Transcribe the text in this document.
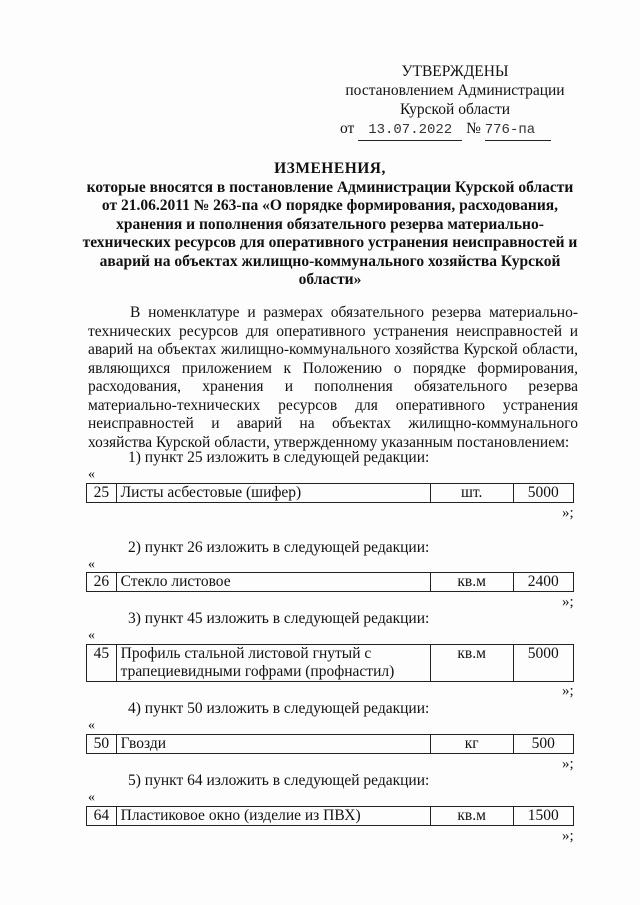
УТВЕРЖДЕНЫ
постановлением Администрации
Курской области
от 13.07.2022 № 776-па
ИЗМЕНЕНИЯ,
которые вносятся в постановление Администрации Курской области от 21.06.2011 № 263-па «О порядке формирования, расходования, хранения и пополнения обязательного резерва материально-технических ресурсов для оперативного устранения неисправностей и аварий на объектах жилищно-коммунального хозяйства Курской области»
В номенклатуре и размерах обязательного резерва материально-технических ресурсов для оперативного устранения неисправностей и аварий на объектах жилищно-коммунального хозяйства Курской области, являющихся приложением к Положению о порядке формирования, расходования, хранения и пополнения обязательного резерва материально-технических ресурсов для оперативного устранения неисправностей и аварий на объектах жилищно-коммунального хозяйства Курской области, утвержденному указанным постановлением:
1) пункт 25 изложить в следующей редакции:
«
25	Листы асбестовые (шифер)	шт.	5000
»;
2) пункт 26 изложить в следующей редакции:
«
26	Стекло листовое	кв.м	2400
»;
3) пункт 45 изложить в следующей редакции:
«
45	Профиль стальной листовой гнутый с трапециевидными гофрами (профнастил)	кв.м	5000
»;
4) пункт 50 изложить в следующей редакции:
«
50	Гвозди	кг	500
»;
5) пункт 64 изложить в следующей редакции:
«
64	Пластиковое окно (изделие из ПВХ)	кв.м	1500
»;
